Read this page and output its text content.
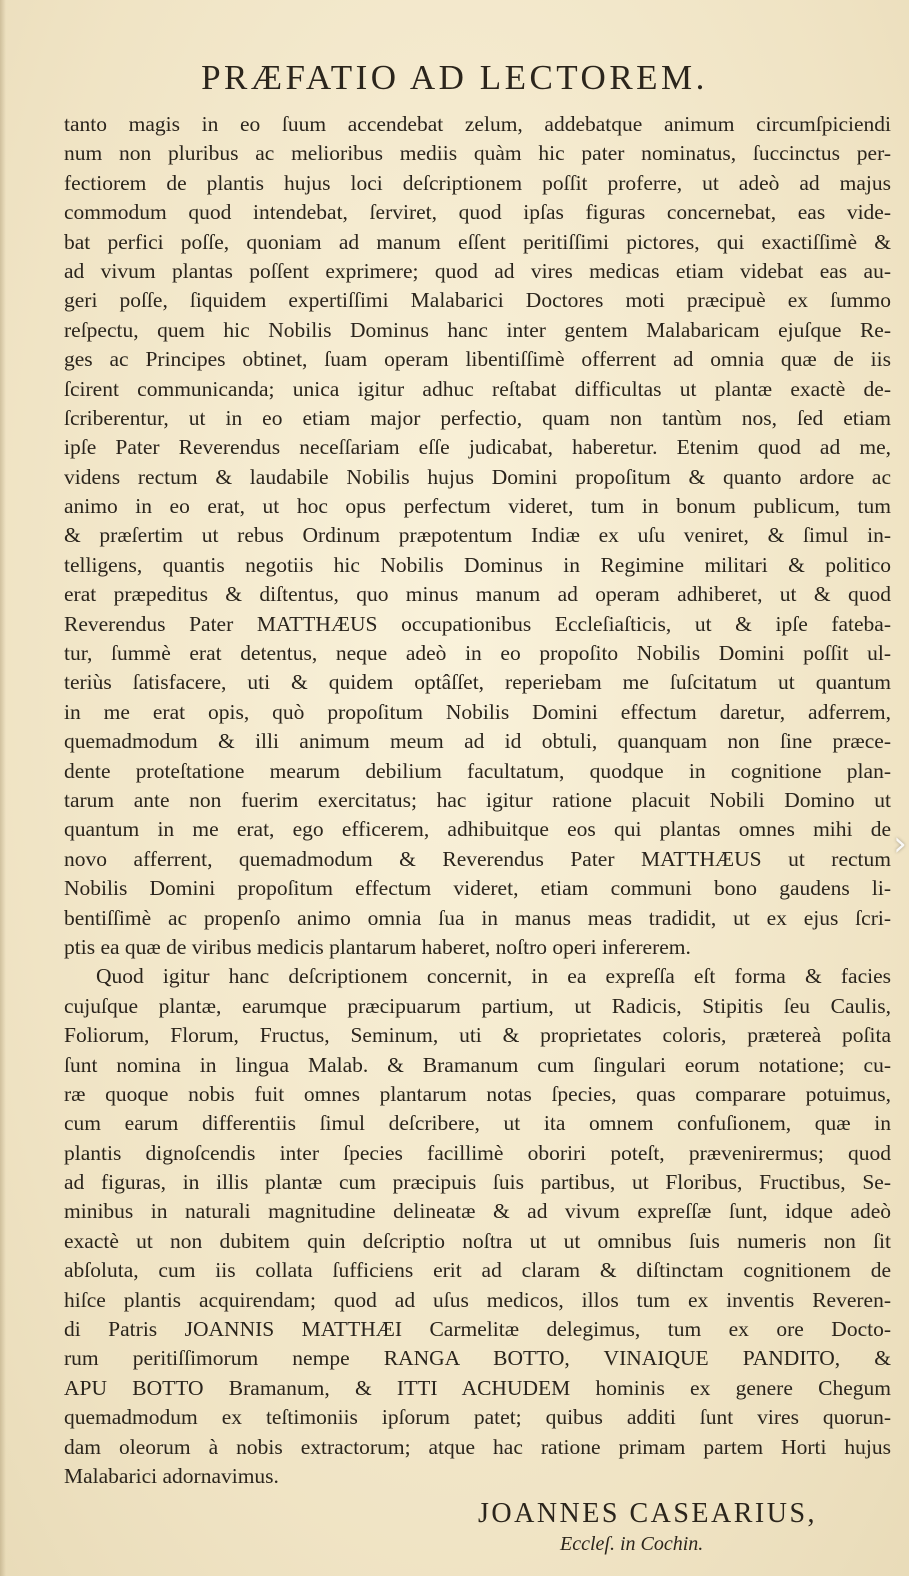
PRÆFATIO AD LECTOREM.
tanto magis in eo ſuum accendebat zelum, addebatque animum circumſpiciendi
num non pluribus ac melioribus mediis quàm hic pater nominatus, ſuccinctus per-
fectiorem de plantis hujus loci deſcriptionem poſſit proferre, ut adeò ad majus
commodum quod intendebat, ſerviret, quod ipſas figuras concernebat, eas vide-
bat perfici poſſe, quoniam ad manum eſſent peritiſſimi pictores, qui exactiſſimè &
ad vivum plantas poſſent exprimere; quod ad vires medicas etiam videbat eas au-
geri poſſe, ſiquidem expertiſſimi Malabarici Doctores moti præcipuè ex ſummo
reſpectu, quem hic Nobilis Dominus hanc inter gentem Malabaricam ejuſque Re-
ges ac Principes obtinet, ſuam operam libentiſſimè offerrent ad omnia quæ de iis
ſcirent communicanda; unica igitur adhuc reſtabat difficultas ut plantæ exactè de-
ſcriberentur, ut in eo etiam major perfectio, quam non tantùm nos, ſed etiam
ipſe Pater Reverendus neceſſariam eſſe judicabat, haberetur. Etenim quod ad me,
videns rectum & laudabile Nobilis hujus Domini propoſitum & quanto ardore ac
animo in eo erat, ut hoc opus perfectum videret, tum in bonum publicum, tum
& præſertim ut rebus Ordinum præpotentum Indiæ ex uſu veniret, & ſimul in-
telligens, quantis negotiis hic Nobilis Dominus in Regimine militari & politico
erat præpeditus & diſtentus, quo minus manum ad operam adhiberet, ut & quod
Reverendus Pater MATTHÆUS occupationibus Eccleſiaſticis, ut & ipſe fateba-
tur, ſummè erat detentus, neque adeò in eo propoſito Nobilis Domini poſſit ul-
teriùs ſatisfacere, uti & quidem optâſſet, reperiebam me ſuſcitatum ut quantum
in me erat opis, quò propoſitum Nobilis Domini effectum daretur, adferrem,
quemadmodum & illi animum meum ad id obtuli, quanquam non ſine præce-
dente proteſtatione mearum debilium facultatum, quodque in cognitione plan-
tarum ante non fuerim exercitatus; hac igitur ratione placuit Nobili Domino ut
quantum in me erat, ego efficerem, adhibuitque eos qui plantas omnes mihi de
novo afferrent, quemadmodum & Reverendus Pater MATTHÆUS ut rectum
Nobilis Domini propoſitum effectum videret, etiam communi bono gaudens li-
bentiſſimè ac propenſo animo omnia ſua in manus meas tradidit, ut ex ejus ſcri-
ptis ea quæ de viribus medicis plantarum haberet, noſtro operi infererem.
Quod igitur hanc deſcriptionem concernit, in ea expreſſa eſt forma & facies
cujuſque plantæ, earumque præcipuarum partium, ut Radicis, Stipitis ſeu Caulis,
Foliorum, Florum, Fructus, Seminum, uti & proprietates coloris, prætereà poſita
ſunt nomina in lingua Malab. & Bramanum cum ſingulari eorum notatione; cu-
ræ quoque nobis fuit omnes plantarum notas ſpecies, quas comparare potuimus,
cum earum differentiis ſimul deſcribere, ut ita omnem confuſionem, quæ in
plantis dignoſcendis inter ſpecies facillimè oboriri poteſt, prævenirermus; quod
ad figuras, in illis plantæ cum præcipuis ſuis partibus, ut Floribus, Fructibus, Se-
minibus in naturali magnitudine delineatæ & ad vivum expreſſæ ſunt, idque adeò
exactè ut non dubitem quin deſcriptio noſtra ut ut omnibus ſuis numeris non ſit
abſoluta, cum iis collata ſufficiens erit ad claram & diſtinctam cognitionem de
hiſce plantis acquirendam; quod ad uſus medicos, illos tum ex inventis Reveren-
di Patris JOANNIS MATTHÆI Carmelitæ delegimus, tum ex ore Docto-
rum peritiſſimorum nempe RANGA BOTTO, VINAIQUE PANDITO, &
APU BOTTO Bramanum, & ITTI ACHUDEM hominis ex genere Chegum
quemadmodum ex teſtimoniis ipſorum patet; quibus additi ſunt vires quorun-
dam oleorum à nobis extractorum; atque hac ratione primam partem Horti hujus
Malabarici adornavimus.
JOANNES CASEARIUS,
Eccleſ. in Cochin.
›
